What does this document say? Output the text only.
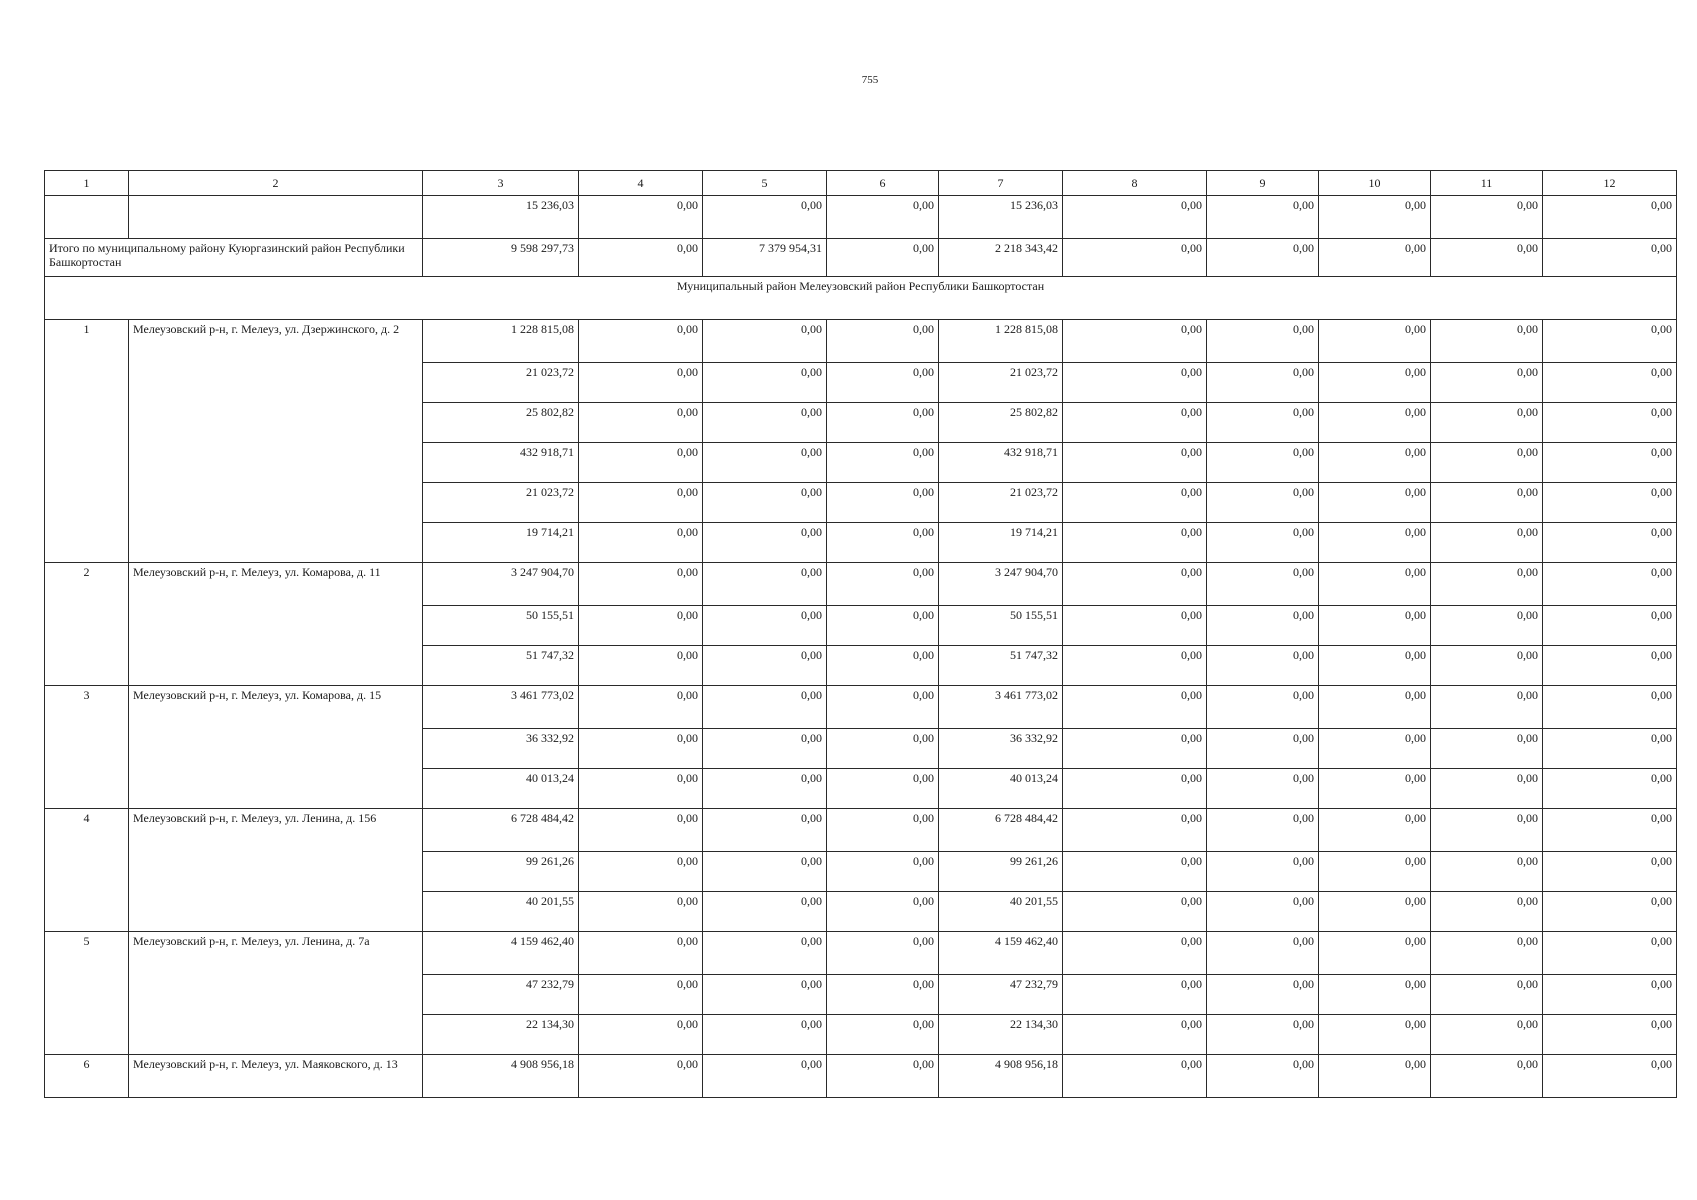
755
1	2	3	4	5	6	7	8	9	10	11	12
		15 236,03	0,00	0,00	0,00	15 236,03	0,00	0,00	0,00	0,00	0,00
Итого по муниципальному району Куюргазинский район Республики Башкортостан		9 598 297,73	0,00	7 379 954,31	0,00	2 218 343,42	0,00	0,00	0,00	0,00	0,00
Муниципальный район Мелеузовский район Республики Башкортостан											
1	Мелеузовский р-н, г. Мелеуз, ул. Дзержинского, д. 2	1 228 815,08	0,00	0,00	0,00	1 228 815,08	0,00	0,00	0,00	0,00	0,00
		21 023,72	0,00	0,00	0,00	21 023,72	0,00	0,00	0,00	0,00	0,00
		25 802,82	0,00	0,00	0,00	25 802,82	0,00	0,00	0,00	0,00	0,00
		432 918,71	0,00	0,00	0,00	432 918,71	0,00	0,00	0,00	0,00	0,00
		21 023,72	0,00	0,00	0,00	21 023,72	0,00	0,00	0,00	0,00	0,00
		19 714,21	0,00	0,00	0,00	19 714,21	0,00	0,00	0,00	0,00	0,00
2	Мелеузовский р-н, г. Мелеуз, ул. Комарова, д. 11	3 247 904,70	0,00	0,00	0,00	3 247 904,70	0,00	0,00	0,00	0,00	0,00
		50 155,51	0,00	0,00	0,00	50 155,51	0,00	0,00	0,00	0,00	0,00
		51 747,32	0,00	0,00	0,00	51 747,32	0,00	0,00	0,00	0,00	0,00
3	Мелеузовский р-н, г. Мелеуз, ул. Комарова, д. 15	3 461 773,02	0,00	0,00	0,00	3 461 773,02	0,00	0,00	0,00	0,00	0,00
		36 332,92	0,00	0,00	0,00	36 332,92	0,00	0,00	0,00	0,00	0,00
		40 013,24	0,00	0,00	0,00	40 013,24	0,00	0,00	0,00	0,00	0,00
4	Мелеузовский р-н, г. Мелеуз, ул. Ленина, д. 156	6 728 484,42	0,00	0,00	0,00	6 728 484,42	0,00	0,00	0,00	0,00	0,00
		99 261,26	0,00	0,00	0,00	99 261,26	0,00	0,00	0,00	0,00	0,00
		40 201,55	0,00	0,00	0,00	40 201,55	0,00	0,00	0,00	0,00	0,00
5	Мелеузовский р-н, г. Мелеуз, ул. Ленина, д. 7а	4 159 462,40	0,00	0,00	0,00	4 159 462,40	0,00	0,00	0,00	0,00	0,00
		47 232,79	0,00	0,00	0,00	47 232,79	0,00	0,00	0,00	0,00	0,00
		22 134,30	0,00	0,00	0,00	22 134,30	0,00	0,00	0,00	0,00	0,00
6	Мелеузовский р-н, г. Мелеуз, ул. Маяковского, д. 13	4 908 956,18	0,00	0,00	0,00	4 908 956,18	0,00	0,00	0,00	0,00	0,00
